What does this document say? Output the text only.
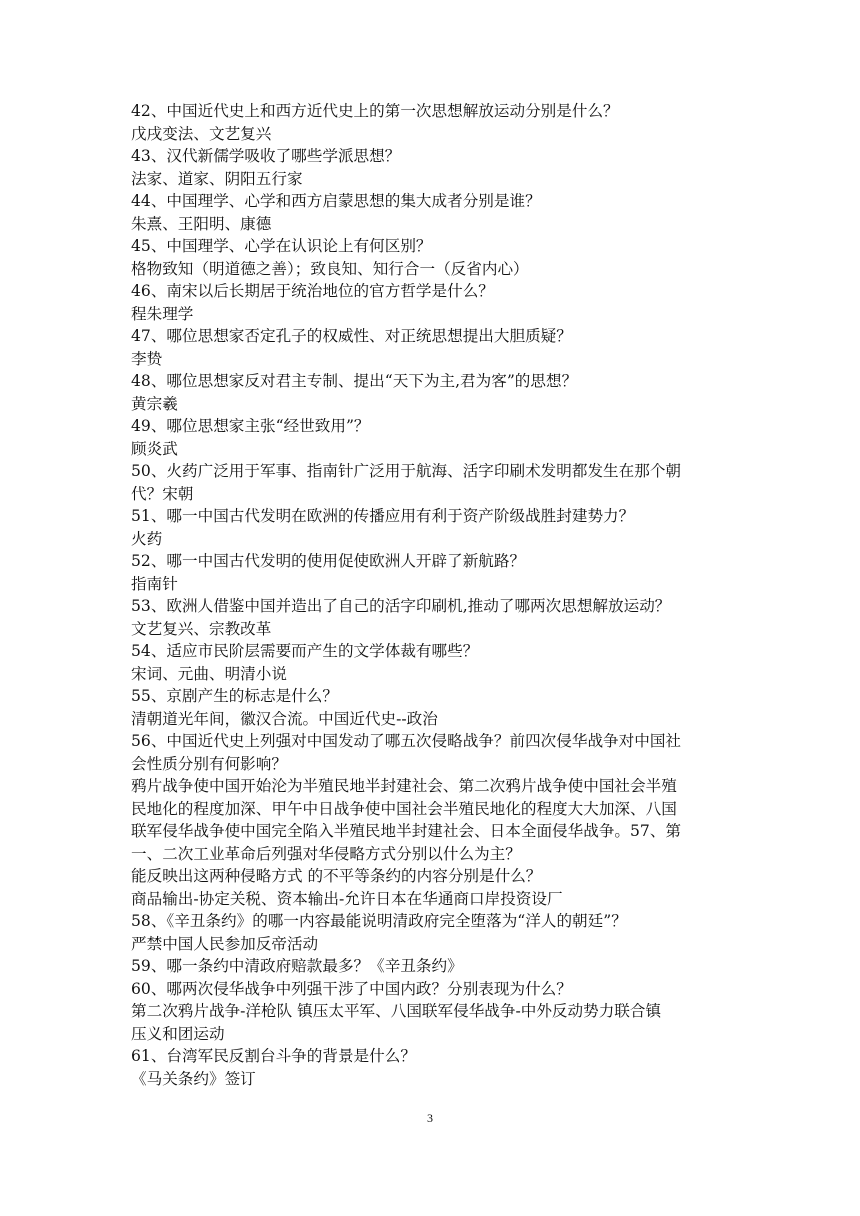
42、中国近代史上和西方近代史上的第一次思想解放运动分别是什么？
戊戌变法、文艺复兴
43、汉代新儒学吸收了哪些学派思想？
法家、道家、阴阳五行家
44、中国理学、心学和西方启蒙思想的集大成者分别是谁？
朱熹、王阳明、康德
45、中国理学、心学在认识论上有何区别？
格物致知（明道德之善）；致良知、知行合一（反省内心）
46、南宋以后长期居于统治地位的官方哲学是什么？
程朱理学
47、哪位思想家否定孔子的权威性、对正统思想提出大胆质疑？
李贽
48、哪位思想家反对君主专制、提出“天下为主,君为客”的思想？
黄宗羲
49、哪位思想家主张“经世致用”？
顾炎武
50、火药广泛用于军事、指南针广泛用于航海、活字印刷术发明都发生在那个朝
代？宋朝
51、哪一中国古代发明在欧洲的传播应用有利于资产阶级战胜封建势力？
火药
52、哪一中国古代发明的使用促使欧洲人开辟了新航路？
指南针
53、欧洲人借鉴中国并造出了自己的活字印刷机,推动了哪两次思想解放运动？
文艺复兴、宗教改革
54、适应市民阶层需要而产生的文学体裁有哪些？
宋词、元曲、明清小说
55、京剧产生的标志是什么？
清朝道光年间，徽汉合流。中国近代史--政治
56、中国近代史上列强对中国发动了哪五次侵略战争？前四次侵华战争对中国社
会性质分别有何影响？
鸦片战争使中国开始沦为半殖民地半封建社会、第二次鸦片战争使中国社会半殖
民地化的程度加深、甲午中日战争使中国社会半殖民地化的程度大大加深、八国
联军侵华战争使中国完全陷入半殖民地半封建社会、日本全面侵华战争。57、第
一、二次工业革命后列强对华侵略方式分别以什么为主？
能反映出这两种侵略方式 的不平等条约的内容分别是什么？
商品输出-协定关税、资本输出-允许日本在华通商口岸投资设厂
58、《辛丑条约》的哪一内容最能说明清政府完全堕落为“洋人的朝廷”？
严禁中国人民参加反帝活动
59、哪一条约中清政府赔款最多？《辛丑条约》
60、哪两次侵华战争中列强干涉了中国内政？分别表现为什么？
第二次鸦片战争-洋枪队 镇压太平军、八国联军侵华战争-中外反动势力联合镇
压义和团运动
61、台湾军民反割台斗争的背景是什么？
《马关条约》签订
3
